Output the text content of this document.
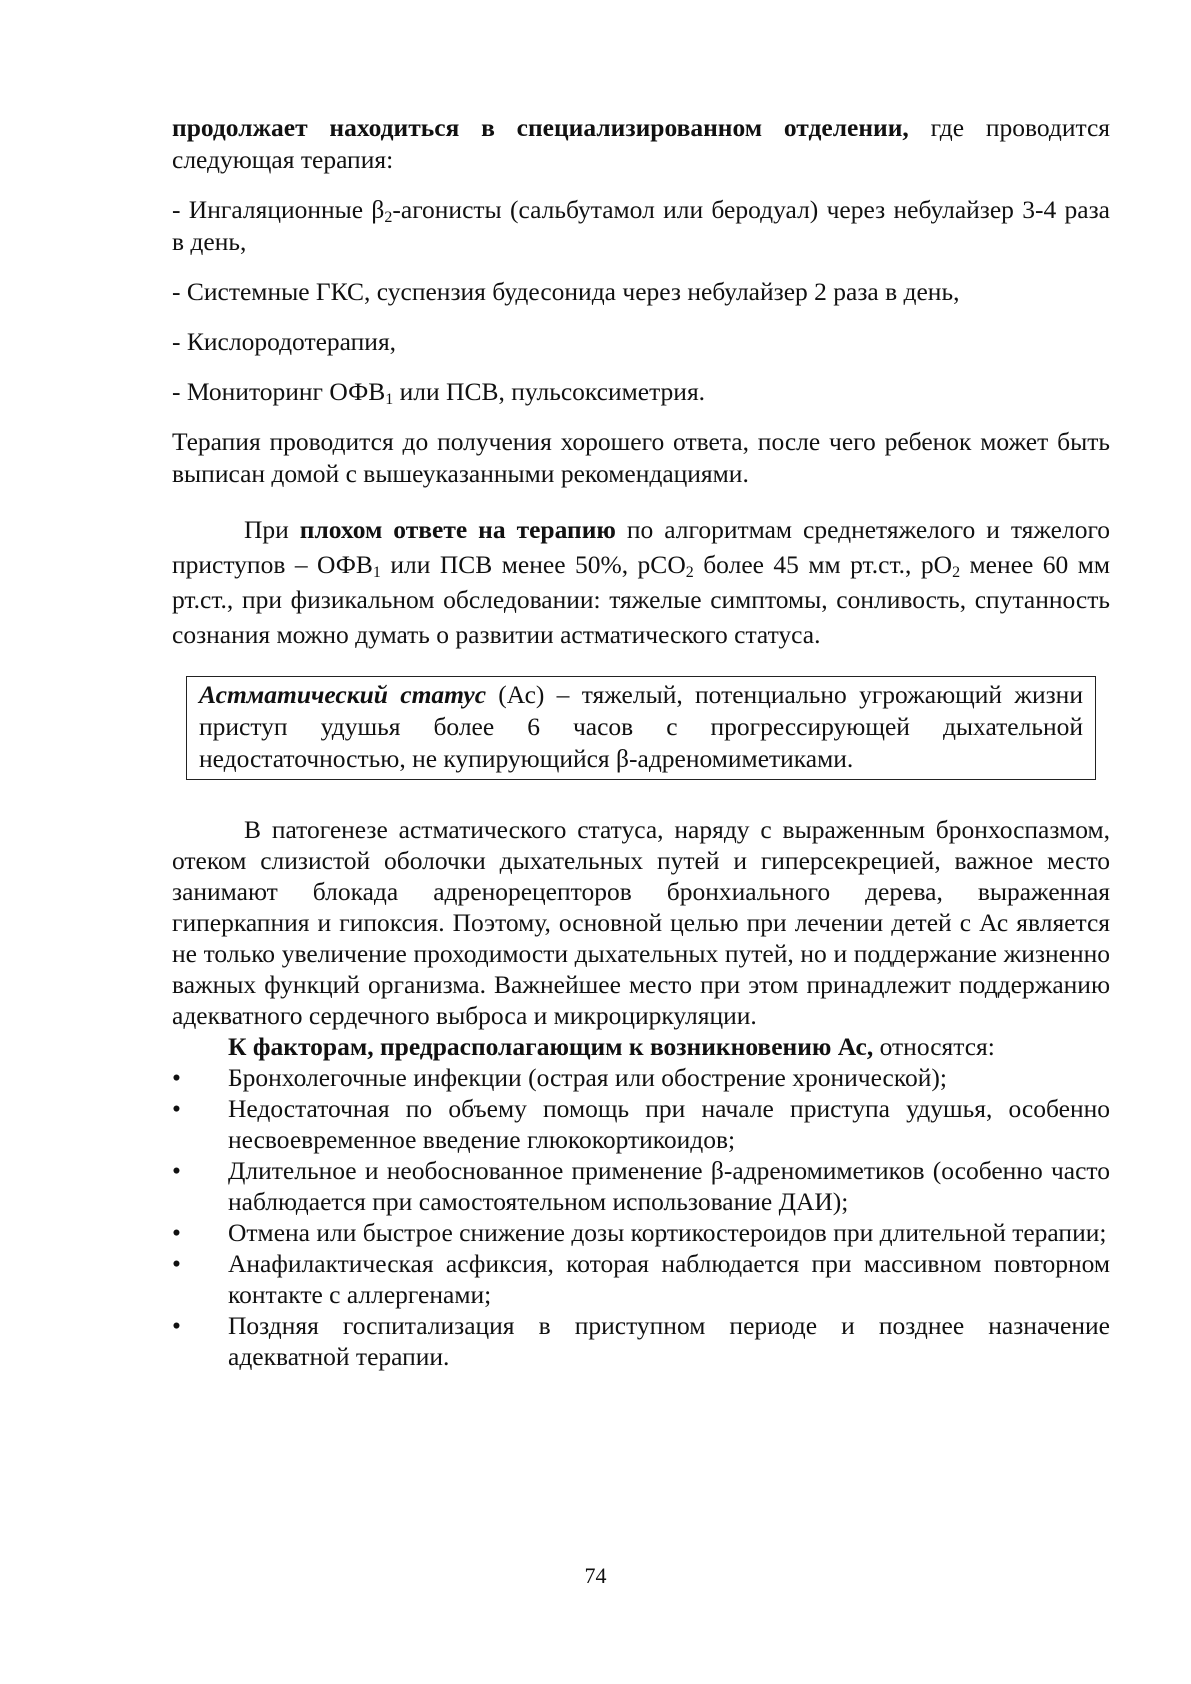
продолжает находиться в специализированном отделении, где проводится следующая терапия:

- Ингаляционные $\beta_2$-агонисты (сальбутамол или беродуал) через небулайзер 3-4 раза в день,

- Системные ГКС, суспензия будесонида через небулайзер 2 раза в день,

- Кислородотерапия,

- Мониторинг $ОФВ_1$ или ПСВ, пульсоксиметрия.

Терапия проводится до получения хорошего ответа, после чего ребенок может быть выписан домой с вышеуказанными рекомендациями.

При плохом ответе на терапию по алгоритмам среднетяжелого и тяжелого приступов – $ОФВ_1$ или ПСВ менее 50%, рСО$_2$ более 45 мм рт.ст., $рО_2$ менее 60 мм рт.ст., при физикальном обследовании: тяжелые симптомы, сонливость, спутанность сознания можно думать о развитии астматического статуса.

Астматический статус (Ас) – тяжелый, потенциально угрожающий жизни приступ удушья более 6 часов с прогрессирующей дыхательной недостаточностью, не купирующийся β-адреномиметиками.

В патогенезе астматического статуса, наряду с выраженным бронхоспазмом, отеком слизистой оболочки дыхательных путей и гиперсекрецией, важное место занимают блокада адренорецепторов бронхиального дерева, выраженная гиперкапния и гипоксия. Поэтому, основной целью при лечении детей с Ас является не только увеличение проходимости дыхательных путей, но и поддержание жизненно важных функций организма. Важнейшее место при этом принадлежит поддержанию адекватного сердечного выброса и микроциркуляции.

К факторам, предрасполагающим к возникновению Ас, относятся:

• Бронхолегочные инфекции (острая или обострение хронической);
• Недостаточная по объему помощь при начале приступа удушья, особенно несвоевременное введение глюкокортикоидов;
• Длительное и необоснованное применение β-адреномиметиков (особенно часто наблюдается при самостоятельном использование ДАИ);
• Отмена или быстрое снижение дозы кортикостероидов при длительной терапии;
• Анафилактическая асфиксия, которая наблюдается при массивном повторном контакте с аллергенами;
• Поздняя госпитализация в приступном периоде и позднее назначение адекватной терапии.
74
